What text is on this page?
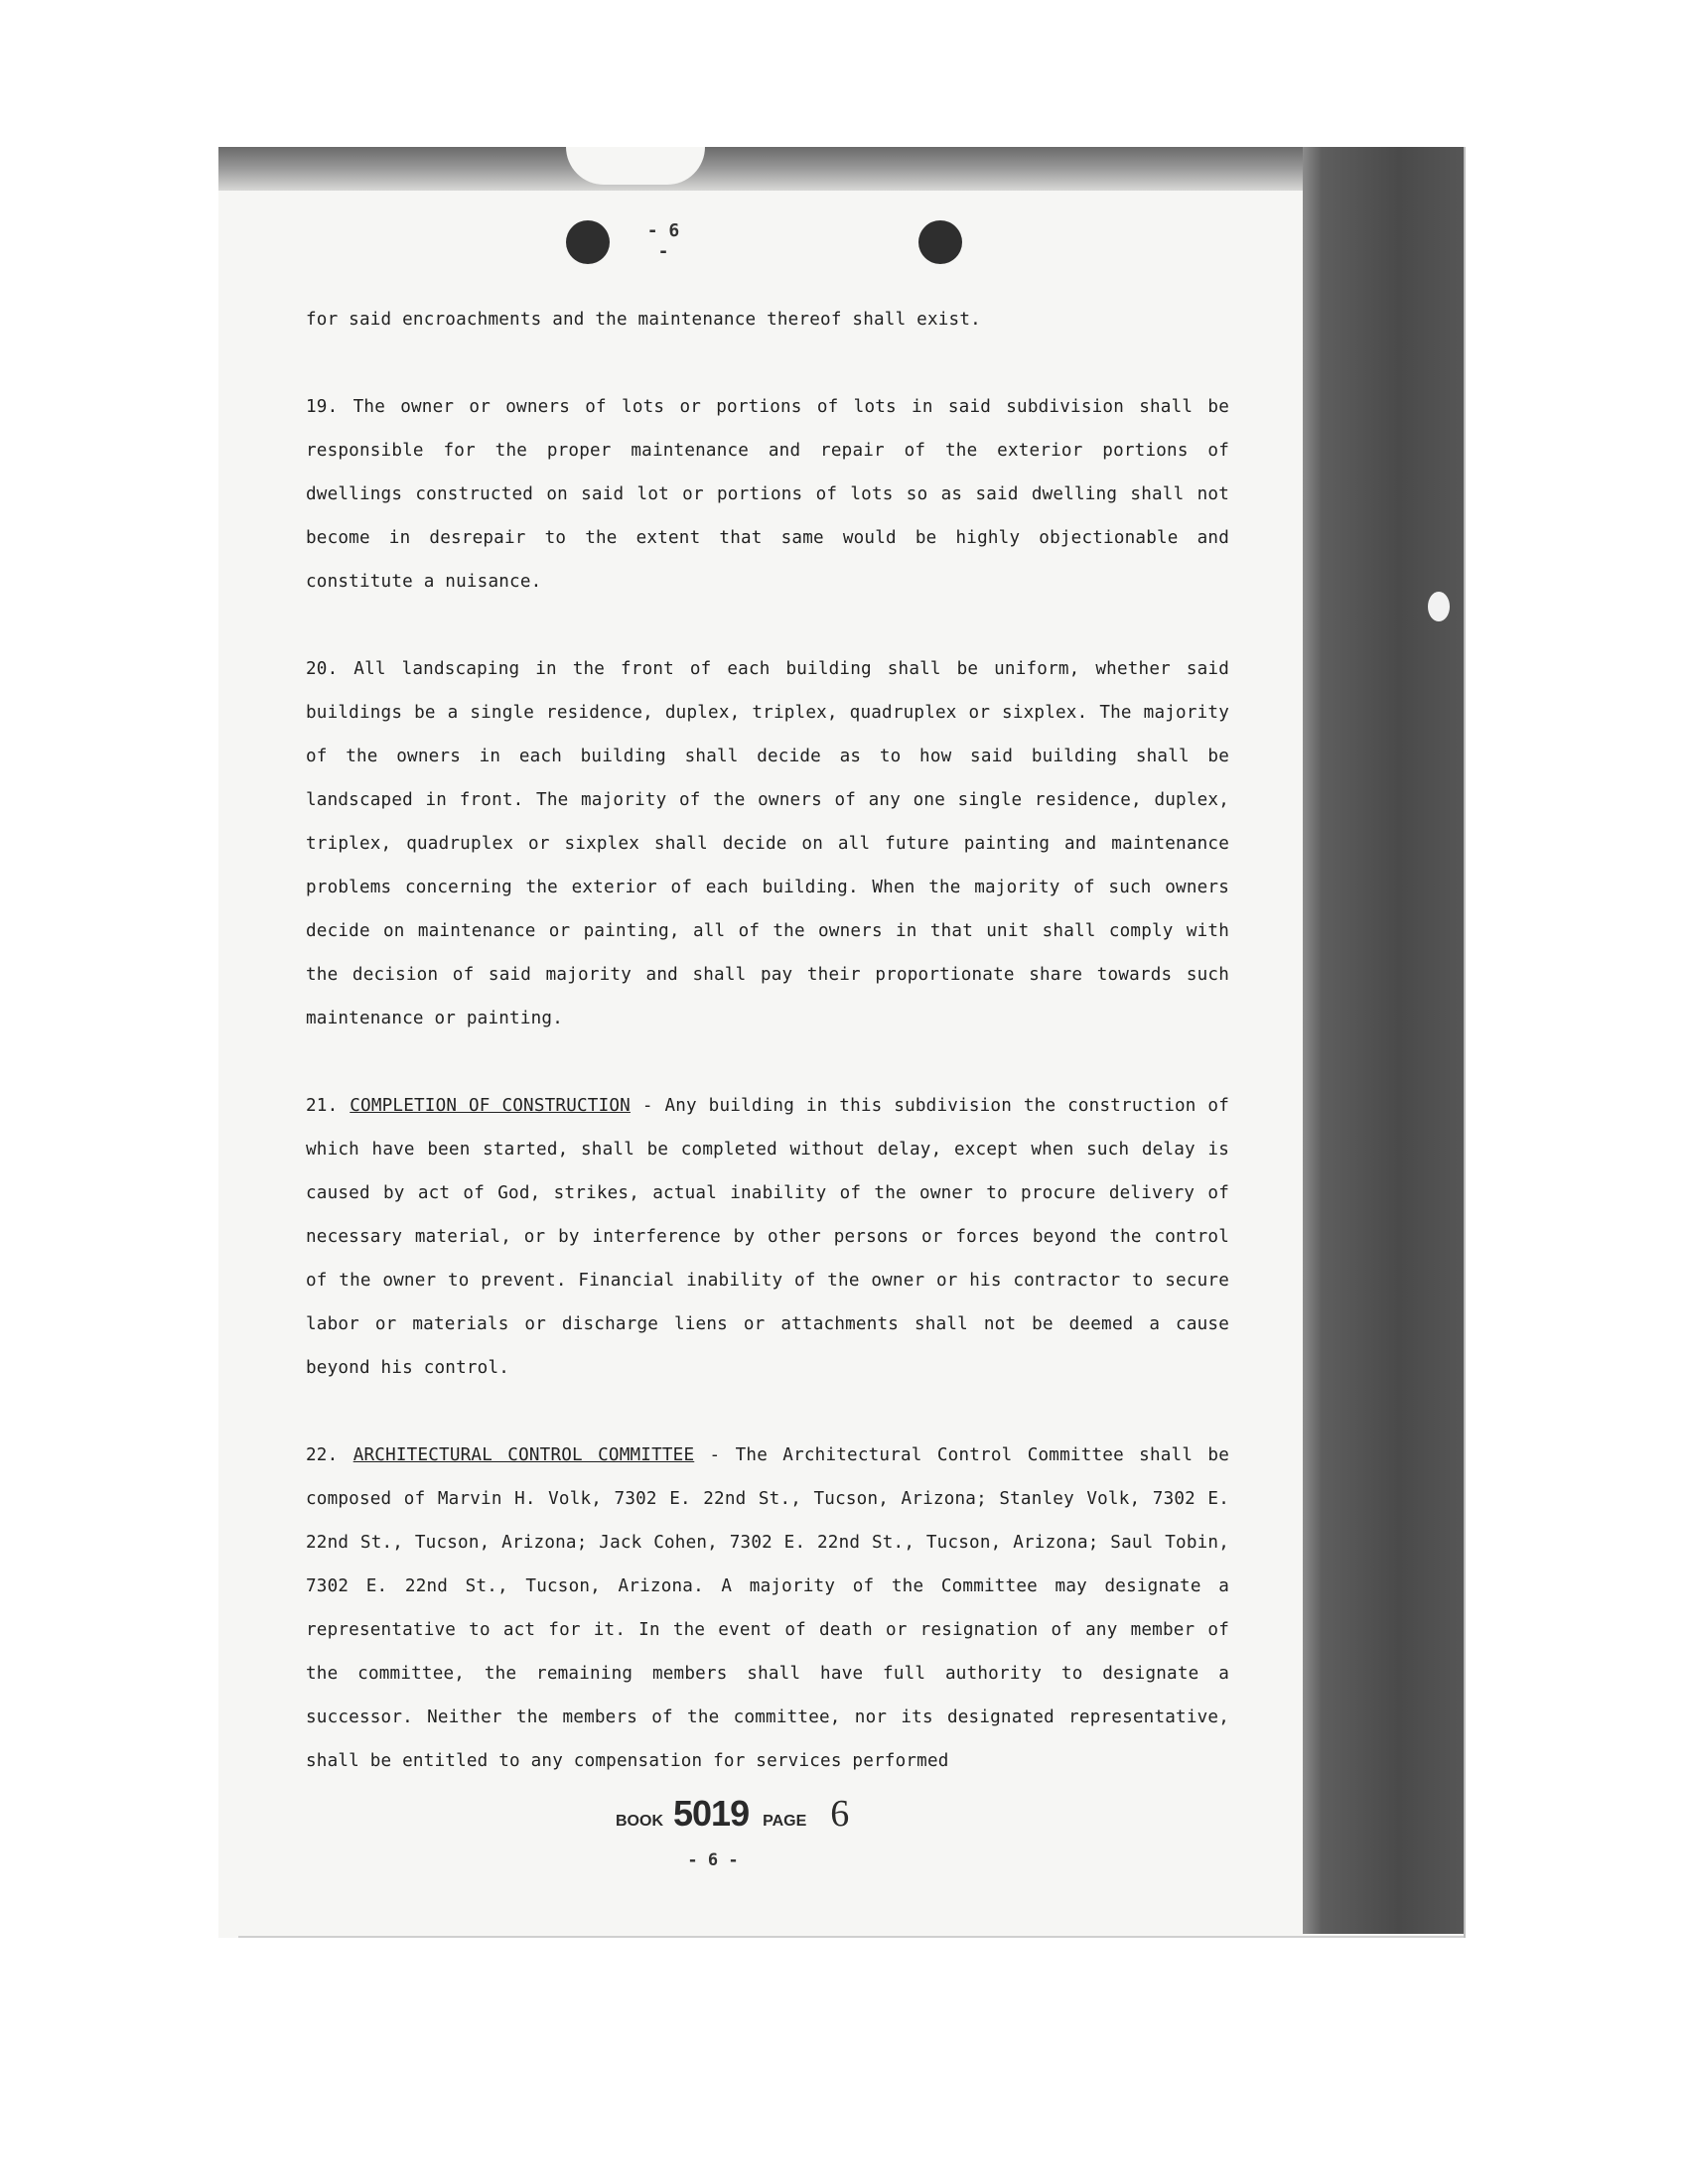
- 6 -

for said encroachments and the maintenance thereof shall exist.

19. The owner or owners of lots or portions of lots in said subdivision shall be responsible for the proper maintenance and repair of the exterior portions of dwellings constructed on said lot or portions of lots so as said dwelling shall not become in desrepair to the extent that same would be highly objectionable and constitute a nuisance.

20. All landscaping in the front of each building shall be uniform, whether said buildings be a single residence, duplex, triplex, quadruplex or sixplex. The majority of the owners in each building shall decide as to how said building shall be landscaped in front. The majority of the owners of any one single residence, duplex, triplex, quadruplex or sixplex shall decide on all future painting and maintenance problems concerning the exterior of each building. When the majority of such owners decide on maintenance or painting, all of the owners in that unit shall comply with the decision of said majority and shall pay their proportionate share towards such maintenance or painting.

21. COMPLETION OF CONSTRUCTION - Any building in this subdivision the construction of which have been started, shall be completed without delay, except when such delay is caused by act of God, strikes, actual inability of the owner to procure delivery of necessary material, or by interference by other persons or forces beyond the control of the owner to prevent. Financial inability of the owner or his contractor to secure labor or materials or discharge liens or attachments shall not be deemed a cause beyond his control.

22. ARCHITECTURAL CONTROL COMMITTEE - The Architectural Control Committee shall be composed of Marvin H. Volk, 7302 E. 22nd St., Tucson, Arizona; Stanley Volk, 7302 E. 22nd St., Tucson, Arizona; Jack Cohen, 7302 E. 22nd St., Tucson, Arizona; Saul Tobin, 7302 E. 22nd St., Tucson, Arizona. A majority of the Committee may designate a representative to act for it. In the event of death or resignation of any member of the committee, the remaining members shall have full authority to designate a successor. Neither the members of the committee, nor its designated representative, shall be entitled to any compensation for services performed

BOOK 5019 PAGE 6
- 6 -
